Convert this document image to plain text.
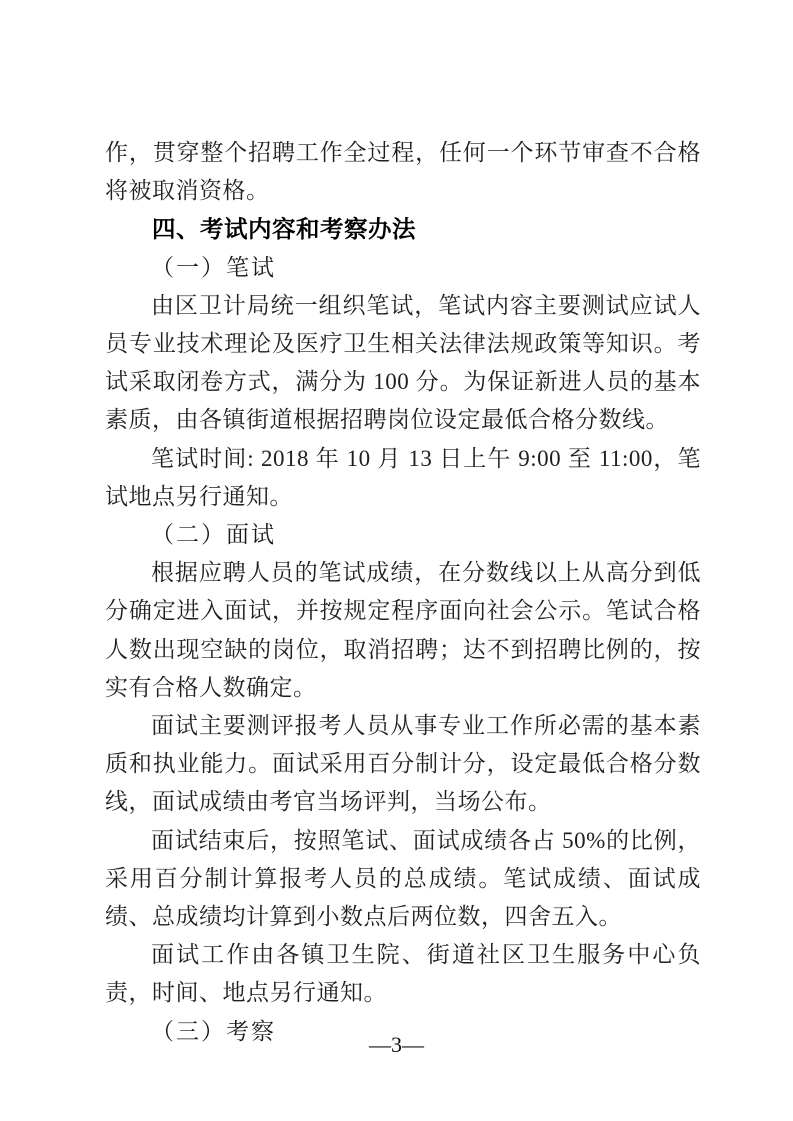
作，贯穿整个招聘工作全过程，任何一个环节审查不合格将被取消资格。

四、考试内容和考察办法

（一）笔试

由区卫计局统一组织笔试，笔试内容主要测试应试人员专业技术理论及医疗卫生相关法律法规政策等知识。考试采取闭卷方式，满分为 100 分。为保证新进人员的基本素质，由各镇街道根据招聘岗位设定最低合格分数线。

笔试时间: 2018 年 10 月 13 日上午 9:00 至 11:00，笔试地点另行通知。

（二）面试

根据应聘人员的笔试成绩，在分数线以上从高分到低分确定进入面试，并按规定程序面向社会公示。笔试合格人数出现空缺的岗位，取消招聘；达不到招聘比例的，按实有合格人数确定。

面试主要测评报考人员从事专业工作所必需的基本素质和执业能力。面试采用百分制计分，设定最低合格分数线，面试成绩由考官当场评判，当场公布。

面试结束后，按照笔试、面试成绩各占 50%的比例，采用百分制计算报考人员的总成绩。笔试成绩、面试成绩、总成绩均计算到小数点后两位数，四舍五入。

面试工作由各镇卫生院、街道社区卫生服务中心负责，时间、地点另行通知。

（三）考察

—3—
